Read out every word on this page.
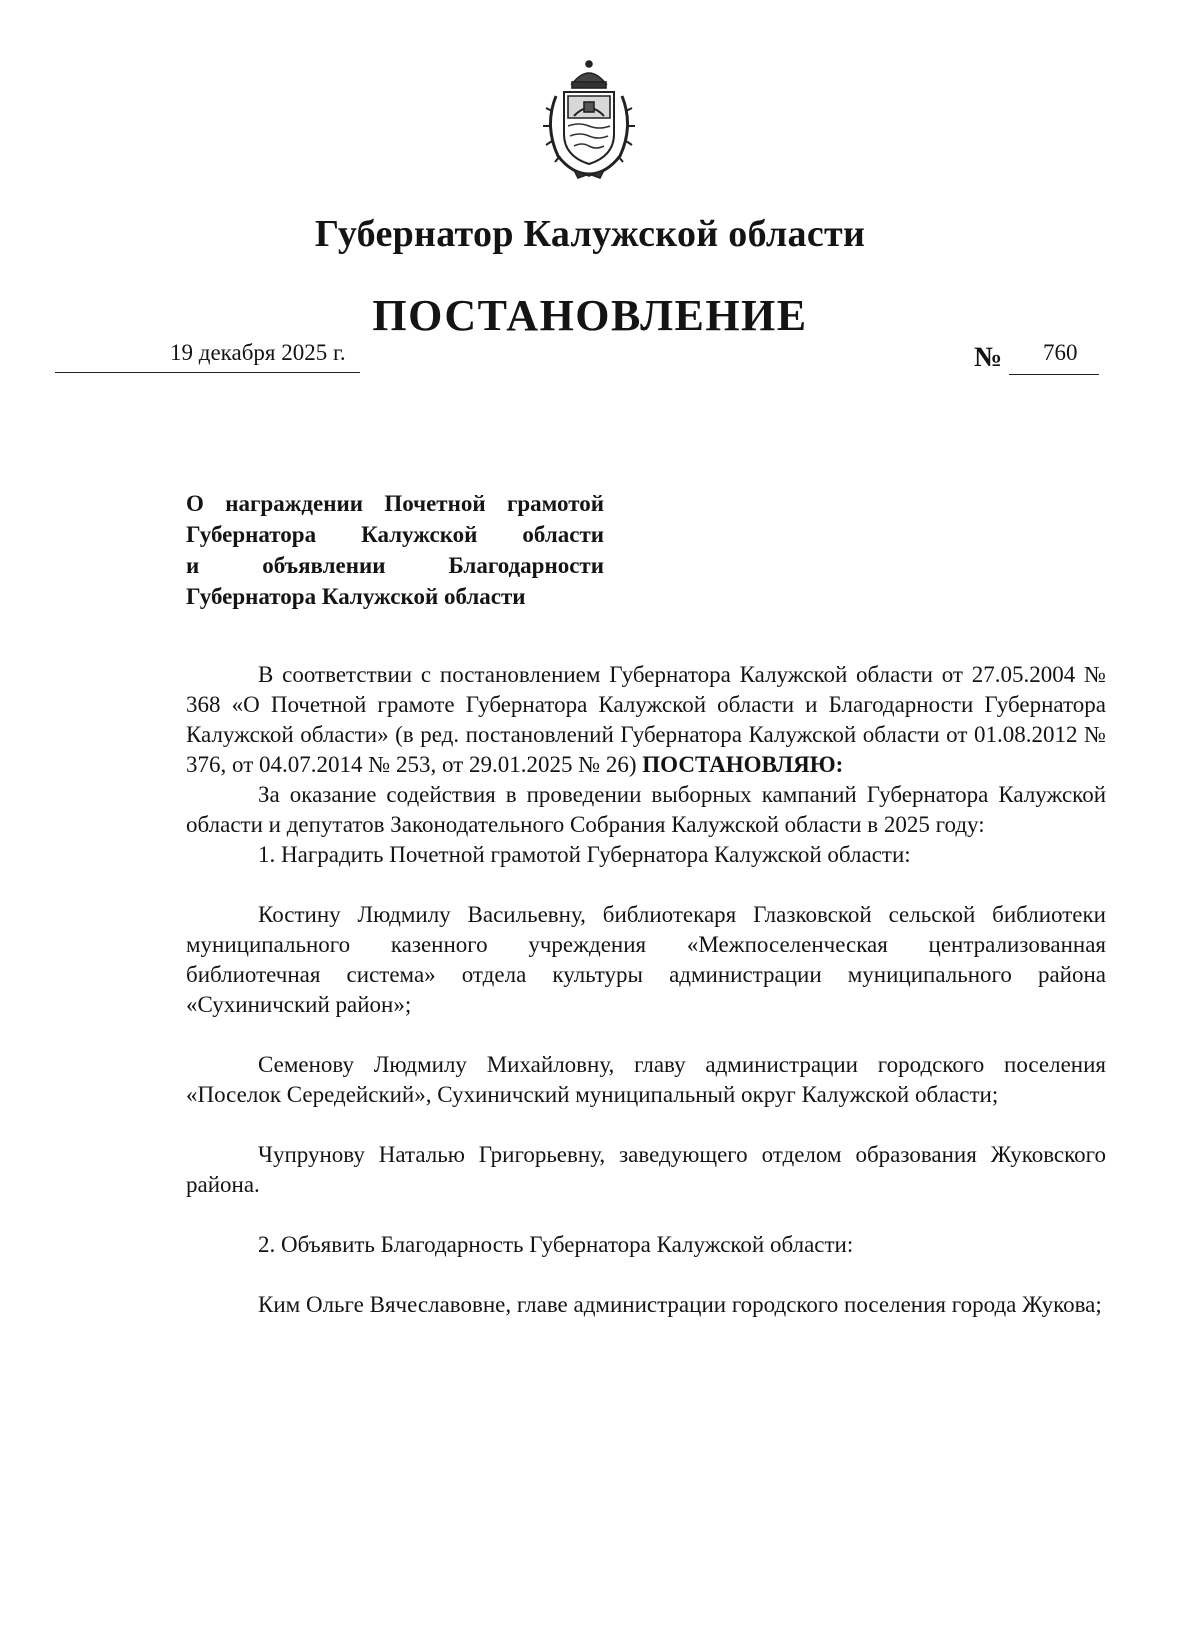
Губернатор Калужской области
ПОСТАНОВЛЕНИЕ
19 декабря 2025 г.	№ 760
О награждении Почетной грамотой
Губернатора Калужской области
и объявлении Благодарности
Губернатора Калужской области

В соответствии с постановлением Губернатора Калужской области от 27.05.2004 № 368 «О Почетной грамоте Губернатора Калужской области и Благодарности Губернатора Калужской области» (в ред. постановлений Губернатора Калужской области от 01.08.2012 № 376, от 04.07.2014 № 253, от 29.01.2025 № 26) ПОСТАНОВЛЯЮ:

За оказание содействия в проведении выборных кампаний Губернатора Калужской области и депутатов Законодательного Собрания Калужской области в 2025 году:

1. Наградить Почетной грамотой Губернатора Калужской области:

Костину Людмилу Васильевну, библиотекаря Глазковской сельской библиотеки муниципального казенного учреждения «Межпоселенческая централизованная библиотечная система» отдела культуры администрации муниципального района «Сухиничский район»;

Семенову Людмилу Михайловну, главу администрации городского поселения «Поселок Середейский», Сухиничский муниципальный округ Калужской области;

Чупрунову Наталью Григорьевну, заведующего отделом образования Жуковского района.

2. Объявить Благодарность Губернатора Калужской области:

Ким Ольге Вячеславовне, главе администрации городского поселения города Жукова;
